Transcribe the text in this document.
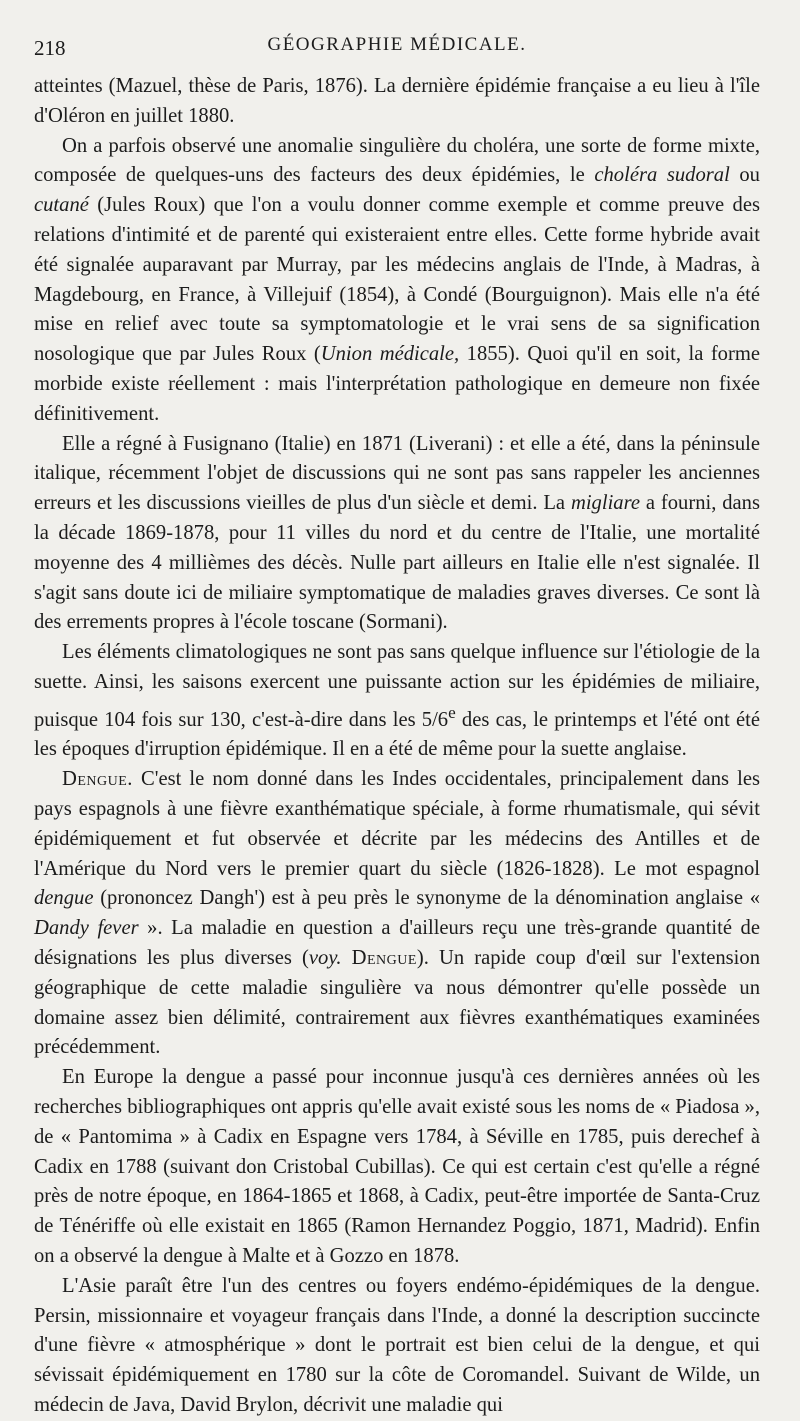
218	GÉOGRAPHIE MÉDICALE.

atteintes (Mazuel, thèse de Paris, 1876). La dernière épidémie française a eu lieu à l'île d'Oléron en juillet 1880.

On a parfois observé une anomalie singulière du choléra, une sorte de forme mixte, composée de quelques-uns des facteurs des deux épidémies, le choléra sudoral ou cutané (Jules Roux) que l'on a voulu donner comme exemple et comme preuve des relations d'intimité et de parenté qui existeraient entre elles. Cette forme hybride avait été signalée auparavant par Murray, par les médecins anglais de l'Inde, à Madras, à Magdebourg, en France, à Villejuif (1854), à Condé (Bourguignon). Mais elle n'a été mise en relief avec toute sa symptomatologie et le vrai sens de sa signification nosologique que par Jules Roux (Union médicale, 1855). Quoi qu'il en soit, la forme morbide existe réellement : mais l'interprétation pathologique en demeure non fixée définitivement.

Elle a régné à Fusignano (Italie) en 1871 (Liverani) : et elle a été, dans la péninsule italique, récemment l'objet de discussions qui ne sont pas sans rappeler les anciennes erreurs et les discussions vieilles de plus d'un siècle et demi. La migliare a fourni, dans la décade 1869-1878, pour 11 villes du nord et du centre de l'Italie, une mortalité moyenne des 4 millièmes des décès. Nulle part ailleurs en Italie elle n'est signalée. Il s'agit sans doute ici de miliaire symptomatique de maladies graves diverses. Ce sont là des errements propres à l'école toscane (Sormani).

Les éléments climatologiques ne sont pas sans quelque influence sur l'étiologie de la suette. Ainsi, les saisons exercent une puissante action sur les épidémies de miliaire, puisque 104 fois sur 130, c'est-à-dire dans les 5/6e des cas, le printemps et l'été ont été les époques d'irruption épidémique. Il en a été de même pour la suette anglaise.

Dengue. C'est le nom donné dans les Indes occidentales, principalement dans les pays espagnols à une fièvre exanthématique spéciale, à forme rhumatismale, qui sévit épidémiquement et fut observée et décrite par les médecins des Antilles et de l'Amérique du Nord vers le premier quart du siècle (1826-1828). Le mot espagnol dengue (prononcez Dangh') est à peu près le synonyme de la dénomination anglaise « Dandy fever ». La maladie en question a d'ailleurs reçu une très-grande quantité de désignations les plus diverses (voy. Dengue). Un rapide coup d'œil sur l'extension géographique de cette maladie singulière va nous démontrer qu'elle possède un domaine assez bien délimité, contrairement aux fièvres exanthématiques examinées précédemment.

En Europe la dengue a passé pour inconnue jusqu'à ces dernières années où les recherches bibliographiques ont appris qu'elle avait existé sous les noms de « Piadosa », de « Pantomima » à Cadix en Espagne vers 1784, à Séville en 1785, puis derechef à Cadix en 1788 (suivant don Cristobal Cubillas). Ce qui est certain c'est qu'elle a régné près de notre époque, en 1864-1865 et 1868, à Cadix, peut-être importée de Santa-Cruz de Ténériffe où elle existait en 1865 (Ramon Hernandez Poggio, 1871, Madrid). Enfin on a observé la dengue à Malte et à Gozzo en 1878.

L'Asie paraît être l'un des centres ou foyers endémo-épidémiques de la dengue. Persin, missionnaire et voyageur français dans l'Inde, a donné la description succincte d'une fièvre « atmosphérique » dont le portrait est bien celui de la dengue, et qui sévissait épidémiquement en 1780 sur la côte de Coromandel. Suivant de Wilde, un médecin de Java, David Brylon, décrivit une maladie qui
